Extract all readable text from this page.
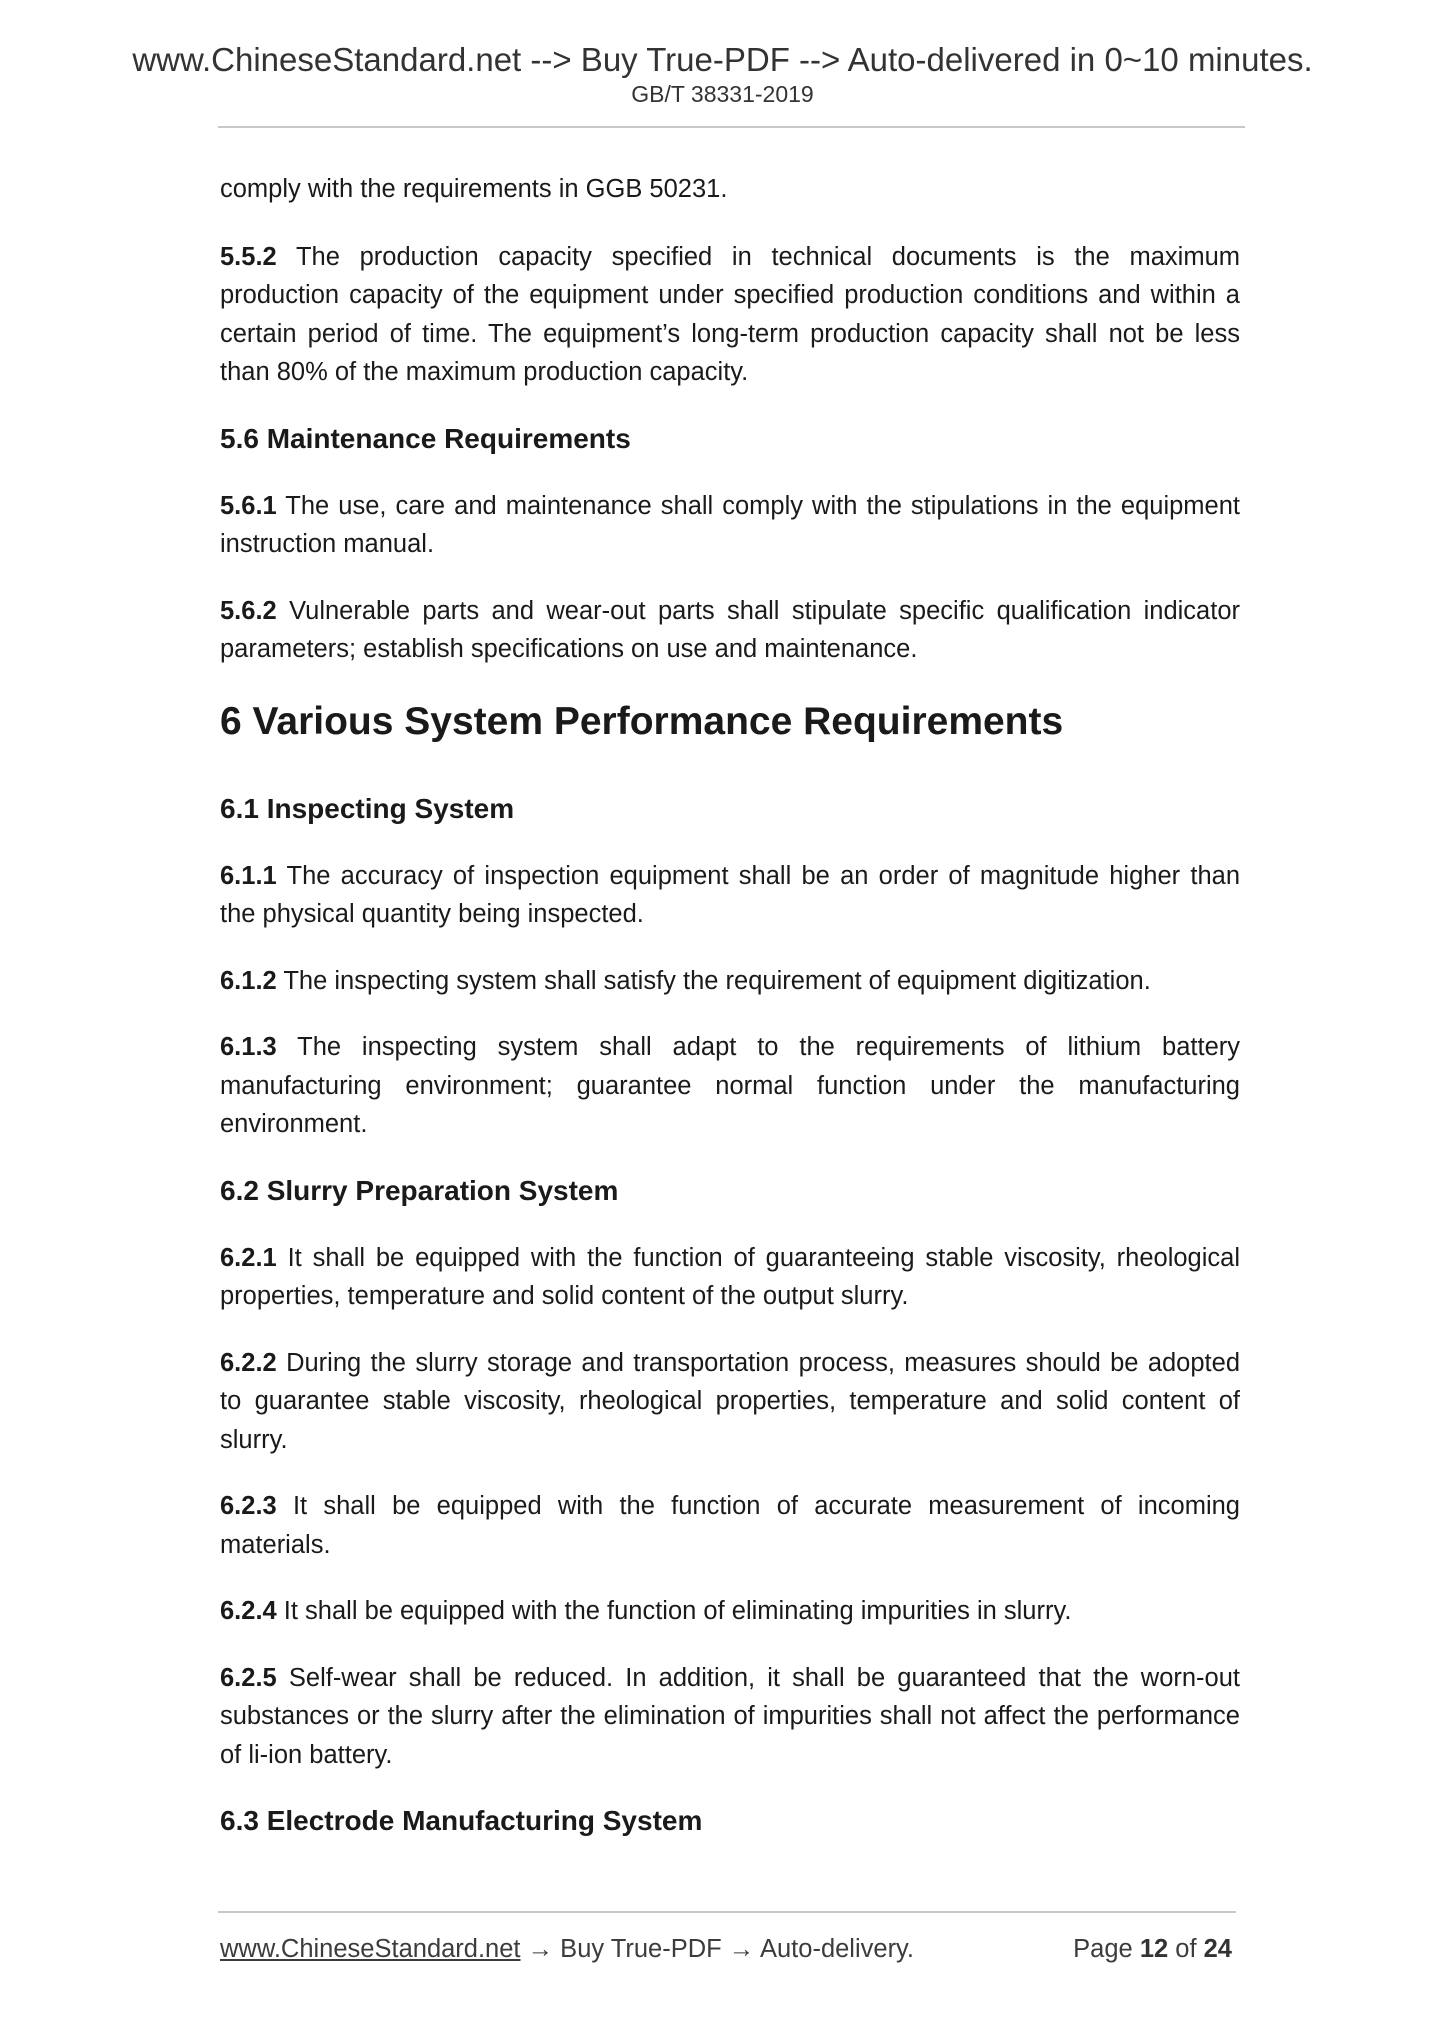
www.ChineseStandard.net --> Buy True-PDF --> Auto-delivered in 0~10 minutes.
GB/T 38331-2019

comply with the requirements in GGB 50231.

5.5.2 The production capacity specified in technical documents is the maximum production capacity of the equipment under specified production conditions and within a certain period of time. The equipment’s long-term production capacity shall not be less than 80% of the maximum production capacity.

5.6 Maintenance Requirements

5.6.1 The use, care and maintenance shall comply with the stipulations in the equipment instruction manual.

5.6.2 Vulnerable parts and wear-out parts shall stipulate specific qualification indicator parameters; establish specifications on use and maintenance.

6 Various System Performance Requirements
6.1 Inspecting System

6.1.1 The accuracy of inspection equipment shall be an order of magnitude higher than the physical quantity being inspected.

6.1.2 The inspecting system shall satisfy the requirement of equipment digitization.

6.1.3 The inspecting system shall adapt to the requirements of lithium battery manufacturing environment; guarantee normal function under the manufacturing environment.

6.2 Slurry Preparation System

6.2.1 It shall be equipped with the function of guaranteeing stable viscosity, rheological properties, temperature and solid content of the output slurry.

6.2.2 During the slurry storage and transportation process, measures should be adopted to guarantee stable viscosity, rheological properties, temperature and solid content of slurry.

6.2.3 It shall be equipped with the function of accurate measurement of incoming materials.

6.2.4 It shall be equipped with the function of eliminating impurities in slurry.

6.2.5 Self-wear shall be reduced. In addition, it shall be guaranteed that the worn-out substances or the slurry after the elimination of impurities shall not affect the performance of li-ion battery.

6.3 Electrode Manufacturing System
www.ChineseStandard.net → Buy True-PDF → Auto-delivery.	Page 12 of 24
